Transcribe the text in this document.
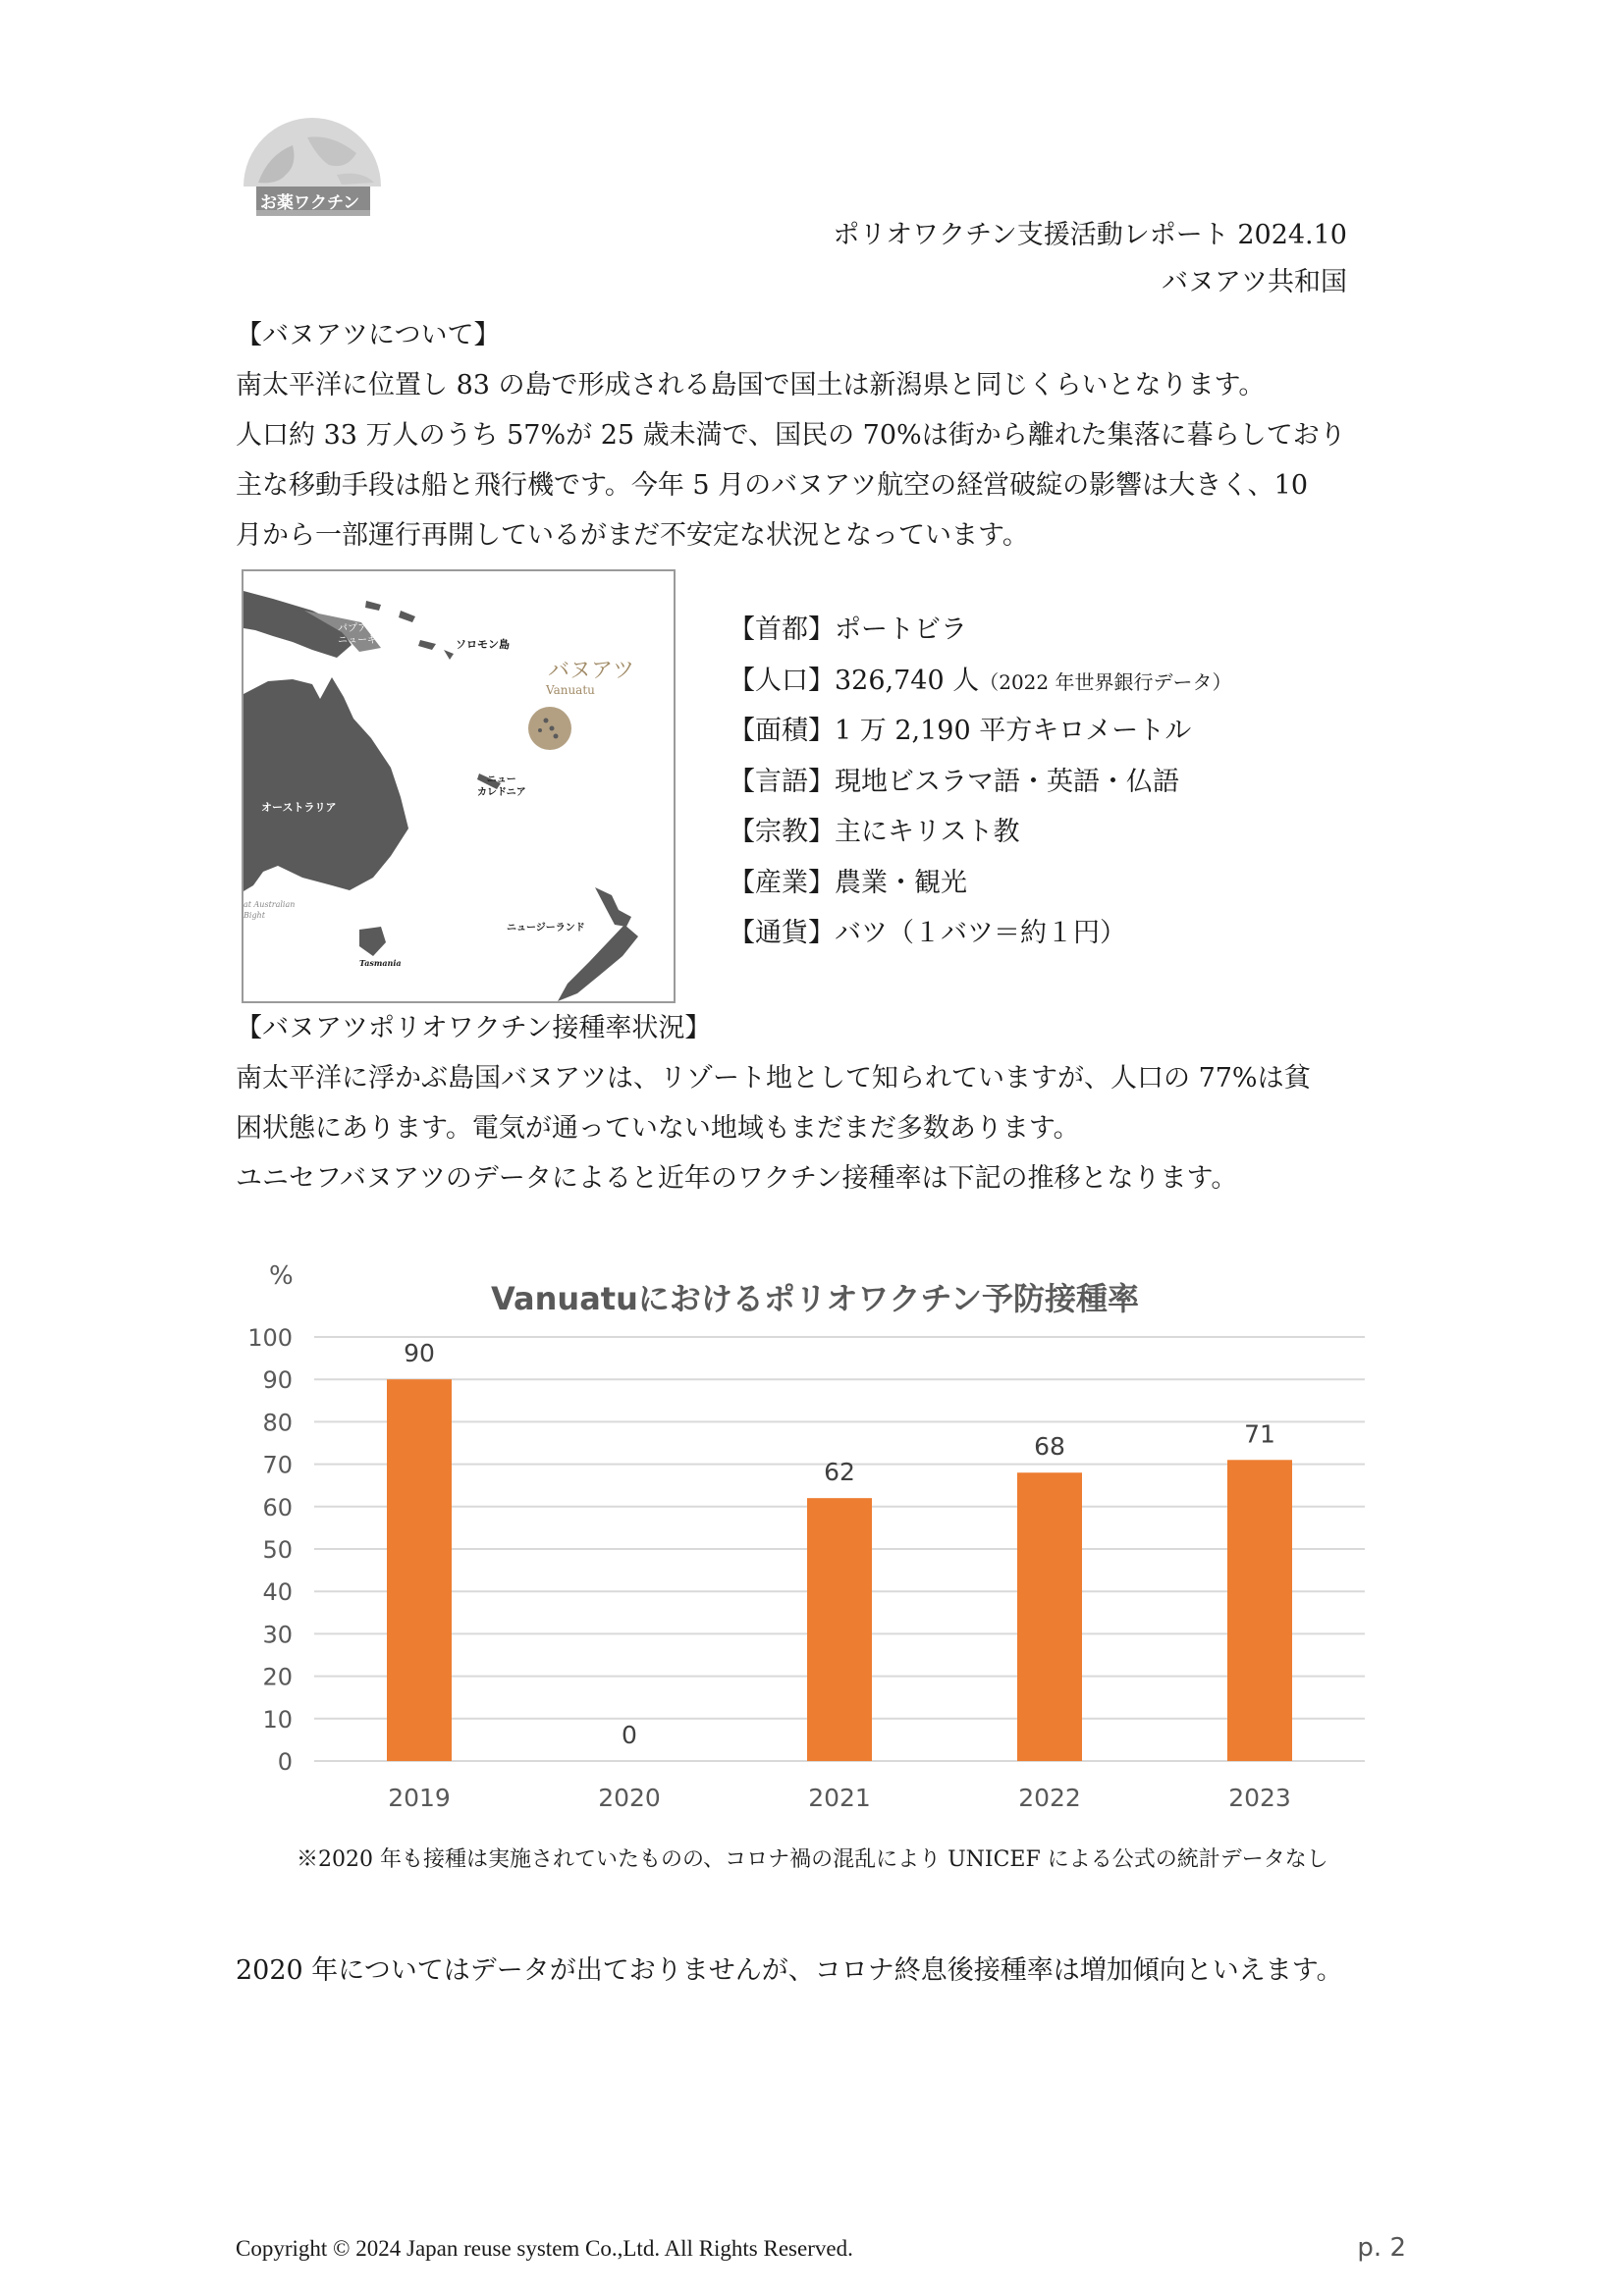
お薬ワクチン
ポリオワクチン支援活動レポート 2024.10
バヌアツ共和国

【バヌアツについて】

南太平洋に位置し 83 の島で形成される島国で国土は新潟県と同じくらいとなります。

人口約 33 万人のうち 57%が 25 歳未満で、国民の 70%は街から離れた集落に暮らしており

主な移動手段は船と飛行機です。今年 5 月のバヌアツ航空の経営破綻の影響は大きく、10

月から一部運行再開しているがまだ不安定な状況となっています。

パプア
ニューギニア	ソロモン島
バヌアツ
Vanuatu
ニュー
カレドニア
オーストラリア
at Australian
Bight
ニュージーランド
Tasmania

【首都】ポートビラ

【人口】326,740 人（2022 年世界銀行データ）

【面積】1 万 2,190 平方キロメートル

【言語】現地ビスラマ語・英語・仏語

【宗教】主にキリスト教

【産業】農業・観光

【通貨】バツ（１バツ＝約１円）

【バヌアツポリオワクチン接種率状況】

南太平洋に浮かぶ島国バヌアツは、リゾート地として知られていますが、人口の 77%は貧

困状態にあります。電気が通っていない地域もまだまだ多数あります。

ユニセフバヌアツのデータによると近年のワクチン接種率は下記の推移となります。

Vanuatuにおけるポリオワクチン予防接種率
%
0
10
20
30
40
50
60
70
80
90
100
90
2019
0
2020
62
2021
68
2022
71
2023
※2020 年も接種は実施されていたものの、コロナ禍の混乱により UNICEF による公式の統計データなし
2020 年についてはデータが出ておりませんが、コロナ終息後接種率は増加傾向といえます。
Copyright © 2024 Japan reuse system Co.,Ltd. All Rights Reserved.	p. 2
